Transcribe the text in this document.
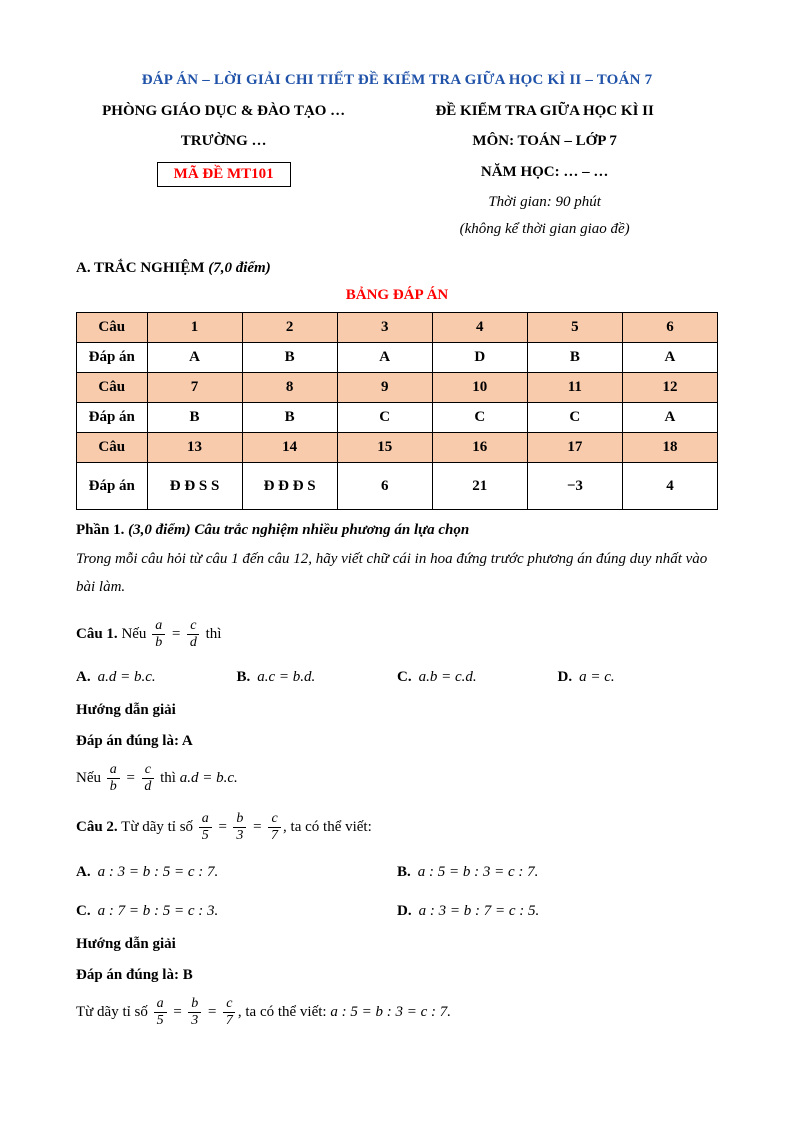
ĐÁP ÁN – LỜI GIẢI CHI TIẾT ĐỀ KIỂM TRA GIỮA HỌC KÌ II – TOÁN 7
PHÒNG GIÁO DỤC & ĐÀO TẠO …
TRƯỜNG …
MÃ ĐỀ MT101
ĐỀ KIỂM TRA GIỮA HỌC KÌ II
MÔN: TOÁN – LỚP 7
NĂM HỌC: … – …
Thời gian: 90 phút
(không kể thời gian giao đề)
A. TRẮC NGHIỆM (7,0 điểm)
BẢNG ĐÁP ÁN
Câu	1	2	3	4	5	6
Đáp án	A	B	A	D	B	A
Câu	7	8	9	10	11	12
Đáp án	B	B	C	C	C	A
Câu	13	14	15	16	17	18
Đáp án	Đ Đ S S	Đ Đ Đ S	6	21	−3	4
Phần 1. (3,0 điểm) Câu trắc nghiệm nhiều phương án lựa chọn
Trong mỗi câu hỏi từ câu 1 đến câu 12, hãy viết chữ cái in hoa đứng trước phương án đúng duy nhất vào bài làm.
Câu 1. Nếu $\frac{a}{b} = \frac{c}{d}$ thì
A. a.d = b.c.	B. a.c = b.d.	C. a.b = c.d.	D. a = c.
Hướng dẫn giải
Đáp án đúng là: A
Nếu $\frac{a}{b} = \frac{c}{d}$ thì a.d = b.c.
Câu 2. Từ dãy tỉ số $\frac{a}{5} = \frac{b}{3} = \frac{c}{7}$ , ta có thể viết:
A. a : 3 = b : 5 = c : 7.	B. a : 5 = b : 3 = c : 7.
C. a : 7 = b : 5 = c : 3.	D. a : 3 = b : 7 = c : 5.
Hướng dẫn giải
Đáp án đúng là: B
Từ dãy tỉ số $\frac{a}{5} = \frac{b}{3} = \frac{c}{7}$ , ta có thể viết: a : 5 = b : 3 = c : 7.
